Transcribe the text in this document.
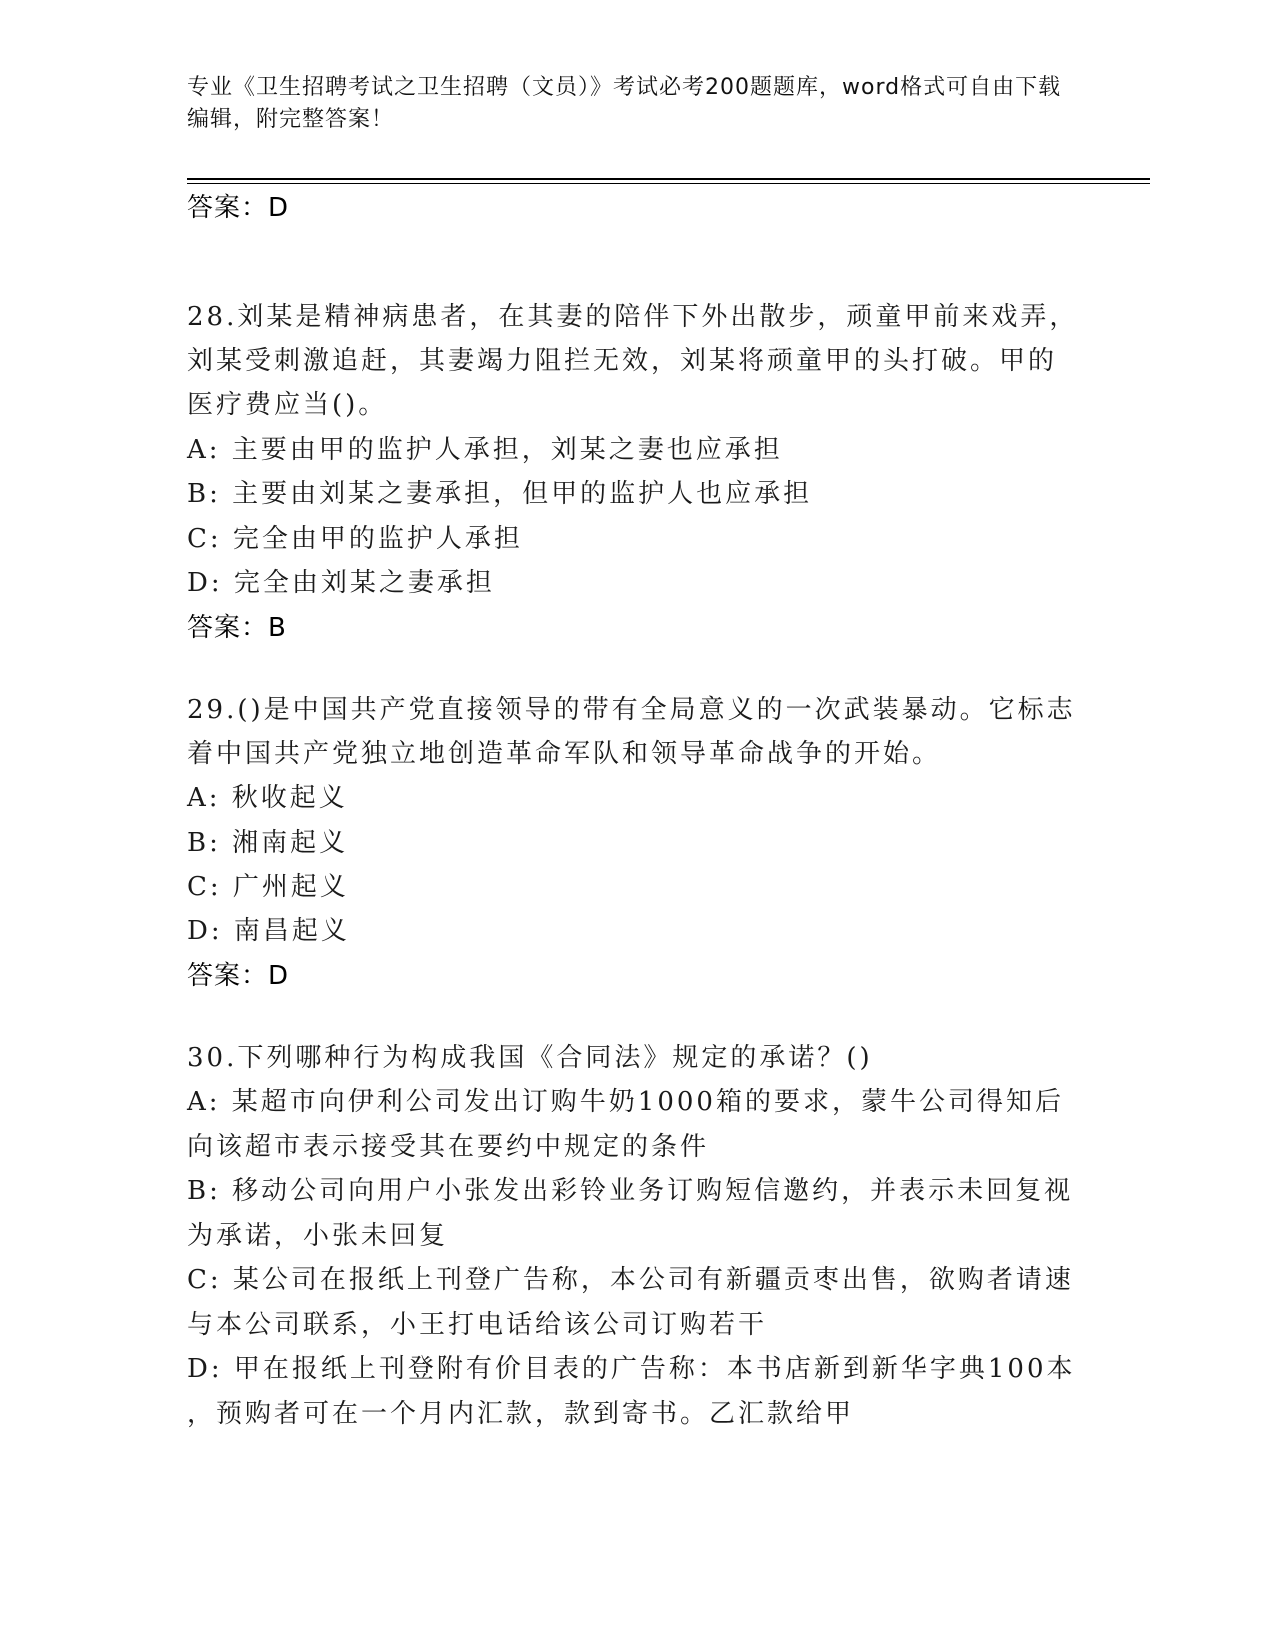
专业《卫生招聘考试之卫生招聘（文员）》考试必考200题题库，word格式可自由下载编辑，附完整答案！
答案：D
28.刘某是精神病患者，在其妻的陪伴下外出散步，顽童甲前来戏弄，
刘某受刺激追赶，其妻竭力阻拦无效，刘某将顽童甲的头打破。甲的
医疗费应当()。
A: 主要由甲的监护人承担，刘某之妻也应承担
B: 主要由刘某之妻承担，但甲的监护人也应承担
C: 完全由甲的监护人承担
D: 完全由刘某之妻承担
答案：B
29.()是中国共产党直接领导的带有全局意义的一次武装暴动。它标志
着中国共产党独立地创造革命军队和领导革命战争的开始。
A: 秋收起义
B: 湘南起义
C: 广州起义
D: 南昌起义
答案：D
30.下列哪种行为构成我国《合同法》规定的承诺？()
A: 某超市向伊利公司发出订购牛奶1000箱的要求，蒙牛公司得知后
向该超市表示接受其在要约中规定的条件
B: 移动公司向用户小张发出彩铃业务订购短信邀约，并表示未回复视
为承诺，小张未回复
C: 某公司在报纸上刊登广告称，本公司有新疆贡枣出售，欲购者请速
与本公司联系，小王打电话给该公司订购若干
D: 甲在报纸上刊登附有价目表的广告称：本书店新到新华字典100本
，预购者可在一个月内汇款，款到寄书。乙汇款给甲
